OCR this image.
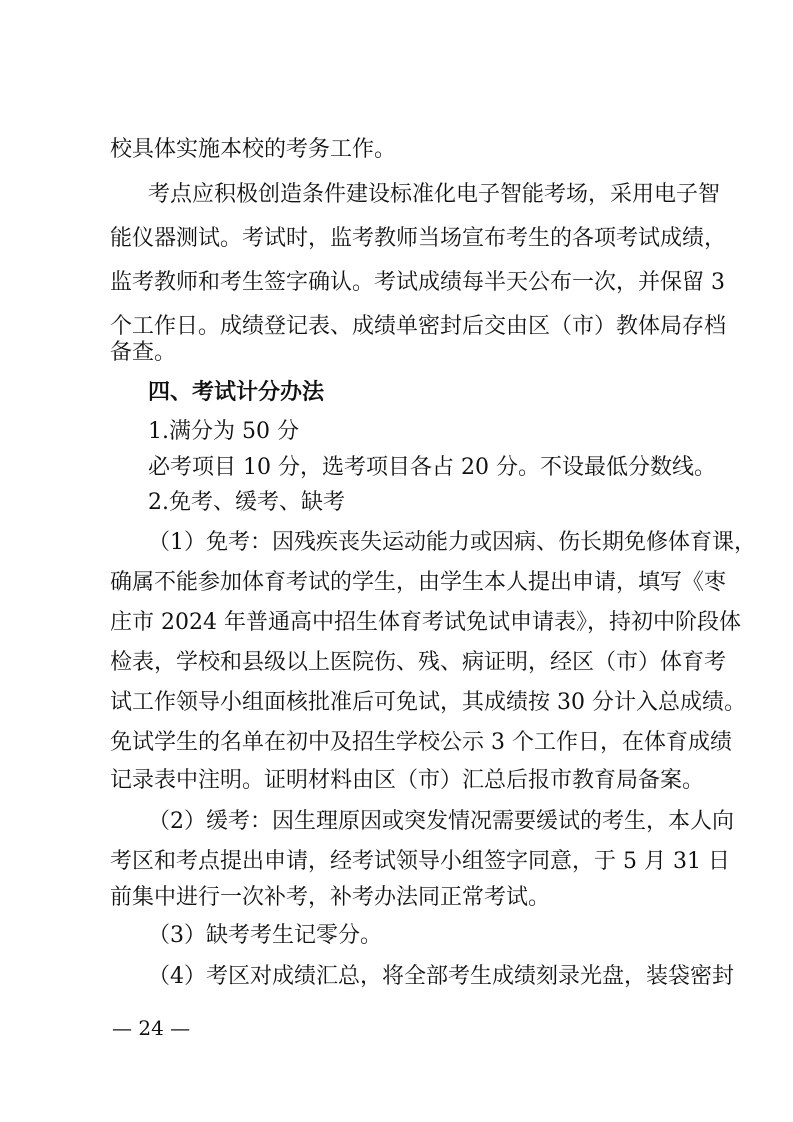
校具体实施本校的考务工作。
考点应积极创造条件建设标准化电子智能考场，采用电子智
能仪器测试。考试时，监考教师当场宣布考生的各项考试成绩，
监考教师和考生签字确认。考试成绩每半天公布一次，并保留 3
个工作日。成绩登记表、成绩单密封后交由区（市）教体局存档
备查。
四、考试计分办法
1.满分为 50 分
必考项目 10 分，选考项目各占 20 分。不设最低分数线。
2.免考、缓考、缺考
（1）免考：因残疾丧失运动能力或因病、伤长期免修体育课，
确属不能参加体育考试的学生，由学生本人提出申请，填写《枣
庄市 2024 年普通高中招生体育考试免试申请表》，持初中阶段体
检表，学校和县级以上医院伤、残、病证明，经区（市）体育考
试工作领导小组面核批准后可免试，其成绩按 30 分计入总成绩。
免试学生的名单在初中及招生学校公示 3 个工作日，在体育成绩
记录表中注明。证明材料由区（市）汇总后报市教育局备案。
（2）缓考：因生理原因或突发情况需要缓试的考生，本人向
考区和考点提出申请，经考试领导小组签字同意，于 5 月 31 日
前集中进行一次补考，补考办法同正常考试。
（3）缺考考生记零分。
（4）考区对成绩汇总，将全部考生成绩刻录光盘，装袋密封
— 24 —
